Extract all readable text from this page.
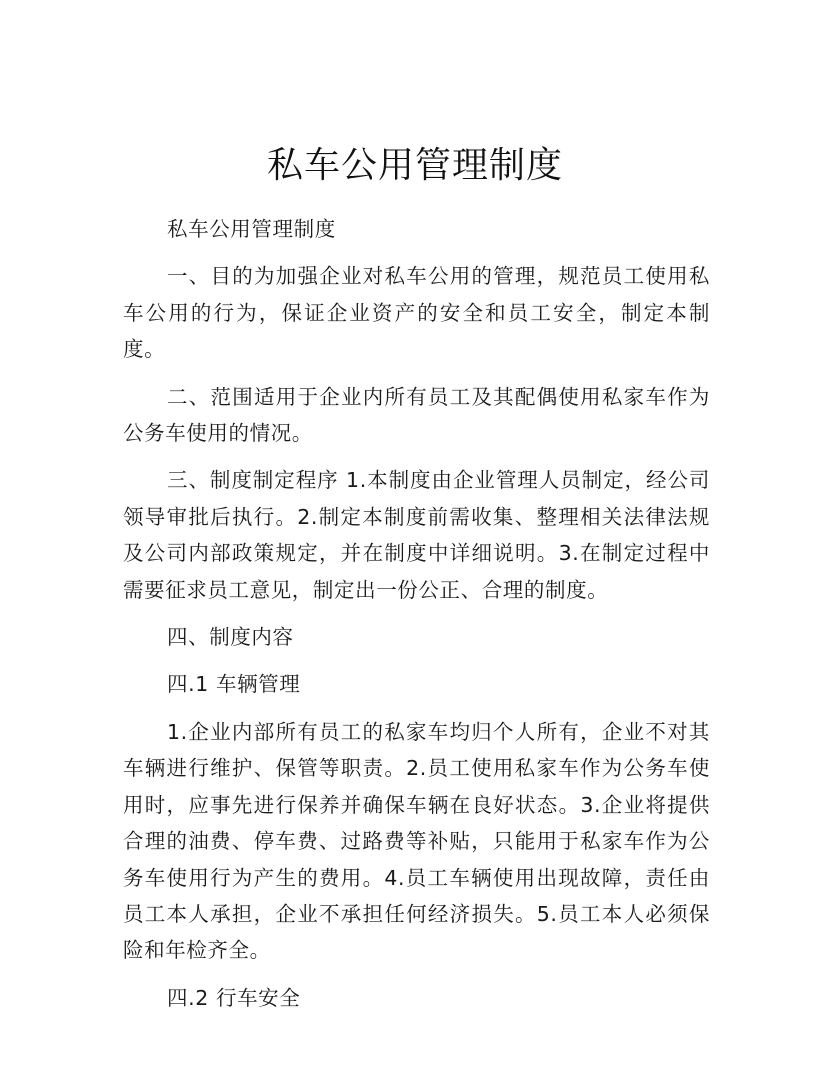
私车公用管理制度

私车公用管理制度

一、目的为加强企业对私车公用的管理，规范员工使用私车公用的行为，保证企业资产的安全和员工安全，制定本制度。

二、范围适用于企业内所有员工及其配偶使用私家车作为公务车使用的情况。

三、制度制定程序 1.本制度由企业管理人员制定，经公司领导审批后执行。2.制定本制度前需收集、整理相关法律法规及公司内部政策规定，并在制度中详细说明。3.在制定过程中需要征求员工意见，制定出一份公正、合理的制度。

四、制度内容

四.1 车辆管理

1.企业内部所有员工的私家车均归个人所有，企业不对其车辆进行维护、保管等职责。2.员工使用私家车作为公务车使用时，应事先进行保养并确保车辆在良好状态。3.企业将提供合理的油费、停车费、过路费等补贴，只能用于私家车作为公务车使用行为产生的费用。4.员工车辆使用出现故障，责任由员工本人承担，企业不承担任何经济损失。5.员工本人必须保险和年检齐全。

四.2 行车安全
